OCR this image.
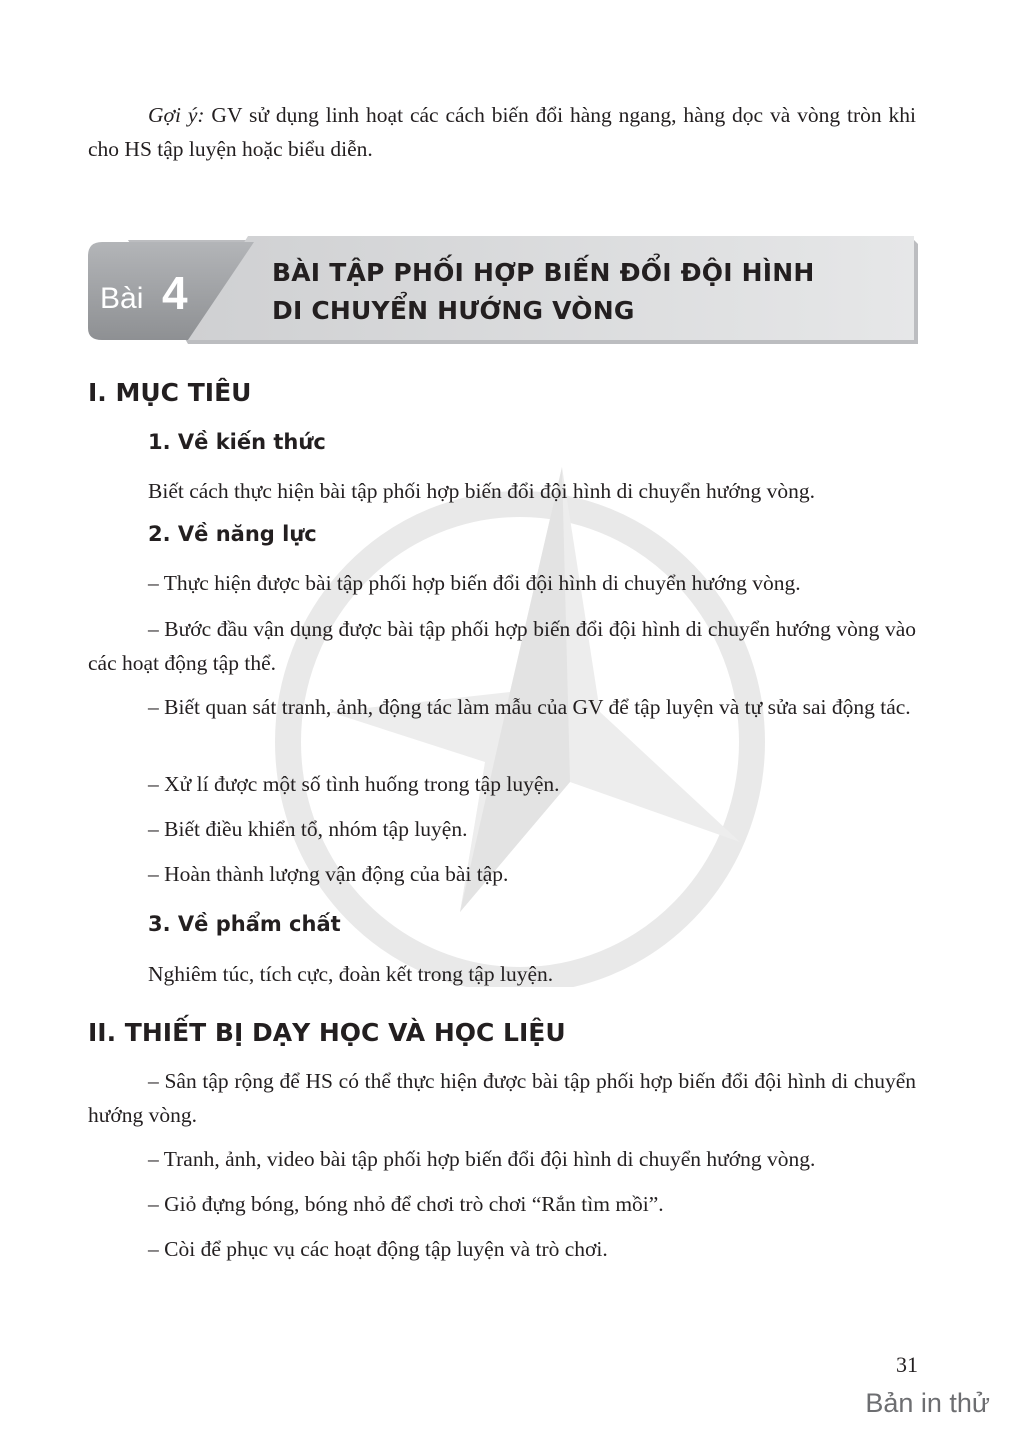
Gợi ý: GV sử dụng linh hoạt các cách biến đổi hàng ngang, hàng dọc và vòng tròn khi cho HS tập luyện hoặc biểu diễn.

Bài 4	BÀI TẬP PHỐI HỢP BIẾN ĐỔI ĐỘI HÌNH
DI CHUYỂN HƯỚNG VÒNG
I. MỤC TIÊU
1. Về kiến thức

Biết cách thực hiện bài tập phối hợp biến đổi đội hình di chuyển hướng vòng.

2. Về năng lực

– Thực hiện được bài tập phối hợp biến đổi đội hình di chuyển hướng vòng.

– Bước đầu vận dụng được bài tập phối hợp biến đổi đội hình di chuyển hướng vòng vào các hoạt động tập thể.

– Biết quan sát tranh, ảnh, động tác làm mẫu của GV để tập luyện và tự sửa sai động tác.

– Xử lí được một số tình huống trong tập luyện.

– Biết điều khiển tổ, nhóm tập luyện.

– Hoàn thành lượng vận động của bài tập.

3. Về phẩm chất

Nghiêm túc, tích cực, đoàn kết trong tập luyện.

II. THIẾT BỊ DẠY HỌC VÀ HỌC LIỆU

– Sân tập rộng để HS có thể thực hiện được bài tập phối hợp biến đổi đội hình di chuyển hướng vòng.

– Tranh, ảnh, video bài tập phối hợp biến đổi đội hình di chuyển hướng vòng.

– Giỏ đựng bóng, bóng nhỏ để chơi trò chơi “Rắn tìm mồi”.

– Còi để phục vụ các hoạt động tập luyện và trò chơi.

31
Bản in thử
